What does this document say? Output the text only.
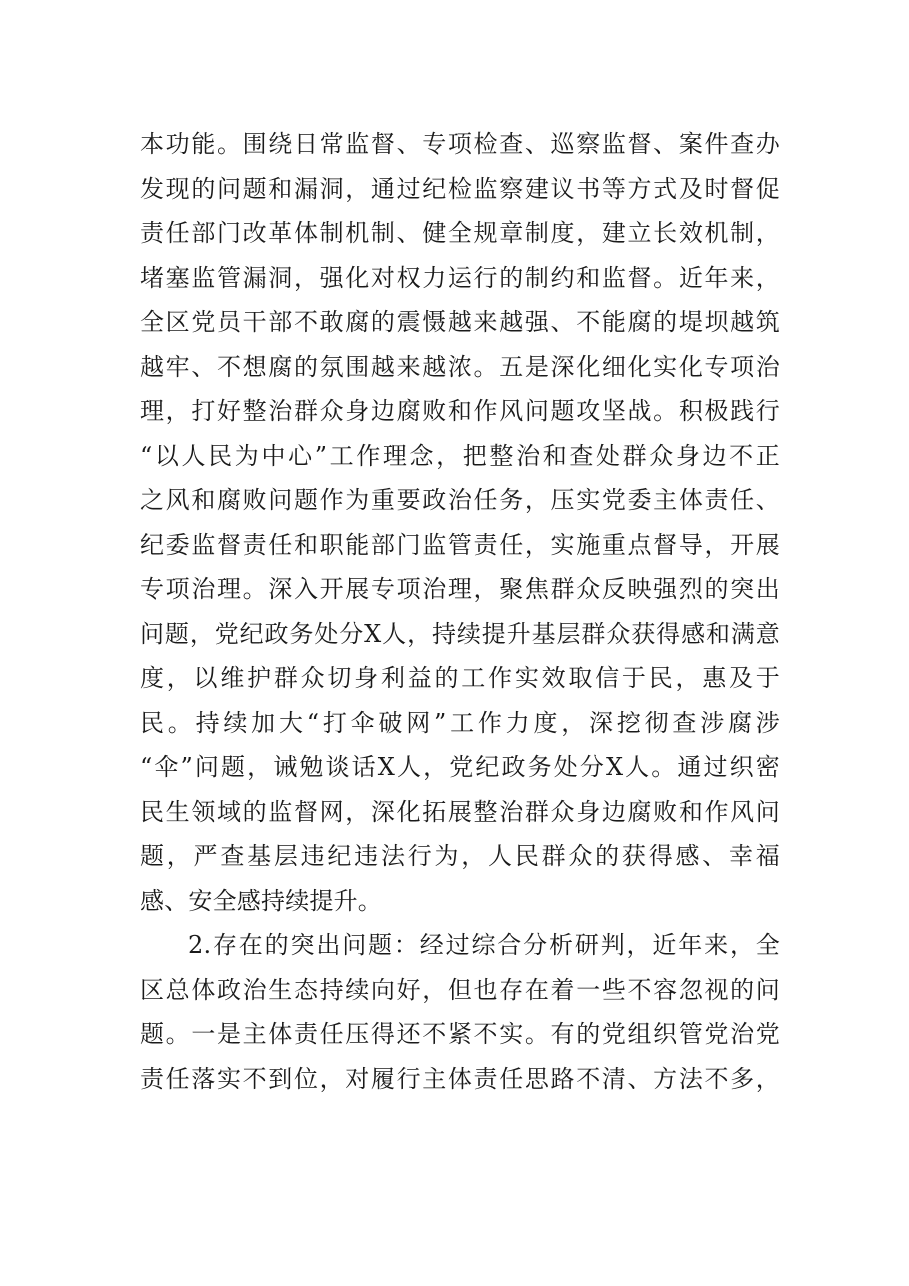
本功能。围绕日常监督、专项检查、巡察监督、案件查办
发现的问题和漏洞，通过纪检监察建议书等方式及时督促
责任部门改革体制机制、健全规章制度，建立长效机制，
堵塞监管漏洞，强化对权力运行的制约和监督。近年来，
全区党员干部不敢腐的震慑越来越强、不能腐的堤坝越筑
越牢、不想腐的氛围越来越浓。五是深化细化实化专项治
理，打好整治群众身边腐败和作风问题攻坚战。积极践行
“以人民为中心”工作理念，把整治和查处群众身边不正
之风和腐败问题作为重要政治任务，压实党委主体责任、
纪委监督责任和职能部门监管责任，实施重点督导，开展
专项治理。深入开展专项治理，聚焦群众反映强烈的突出
问题，党纪政务处分X人，持续提升基层群众获得感和满意
度，以维护群众切身利益的工作实效取信于民，惠及于
民。持续加大“打伞破网”工作力度，深挖彻查涉腐涉
“伞”问题，诫勉谈话X人，党纪政务处分X人。通过织密
民生领域的监督网，深化拓展整治群众身边腐败和作风问
题，严查基层违纪违法行为，人民群众的获得感、幸福
感、安全感持续提升。
2.存在的突出问题：经过综合分析研判，近年来，全
区总体政治生态持续向好，但也存在着一些不容忽视的问
题。一是主体责任压得还不紧不实。有的党组织管党治党
责任落实不到位，对履行主体责任思路不清、方法不多，
